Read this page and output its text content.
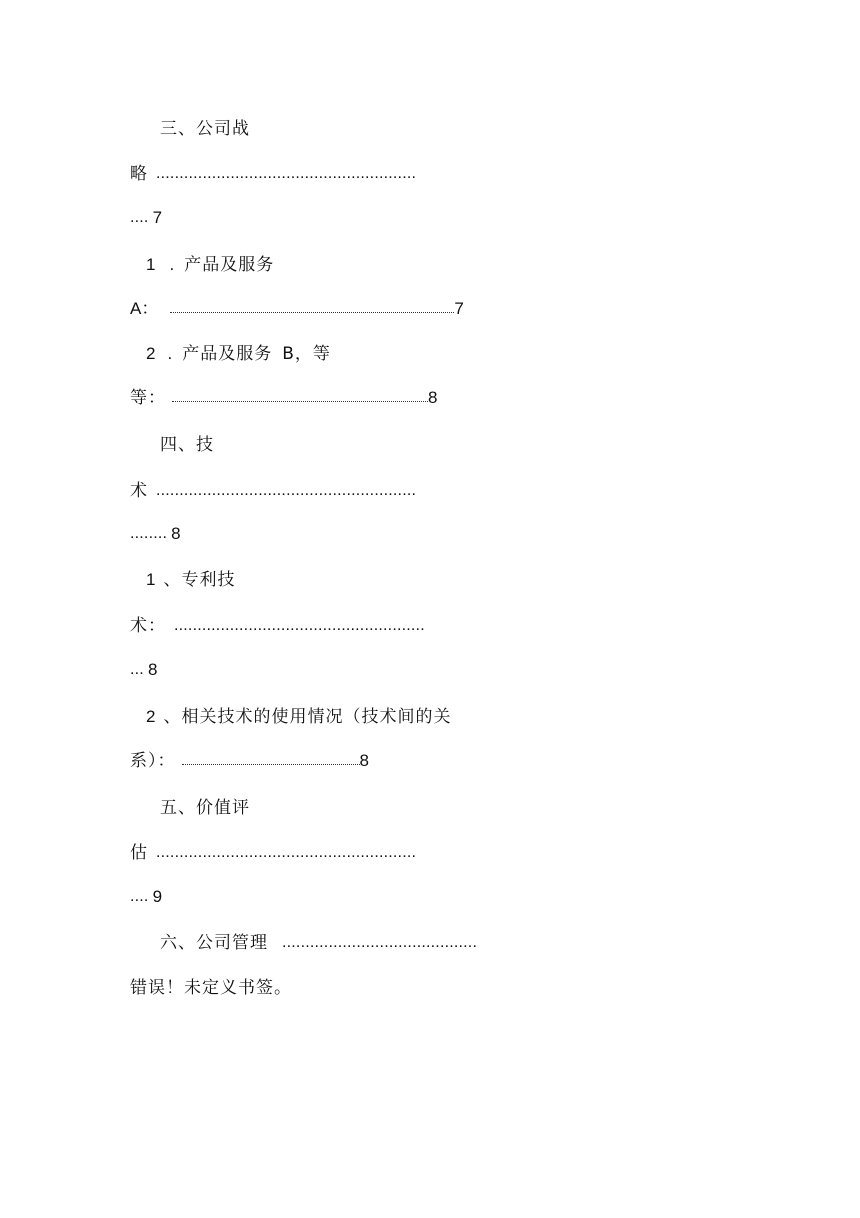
三、公司战
略 ........................................................
.... 7
1 . 产品及服务
A：	7
2 . 产品及服务 B，等
等：	8
四、技
术 ........................................................
........ 8
1 、专利技
术： ......................................................
... 8
2 、相关技术的使用情况（技术间的关
系）：	8
五、价值评
估 ........................................................
.... 9
六、公司管理 ..........................................
错误！未定义书签。
